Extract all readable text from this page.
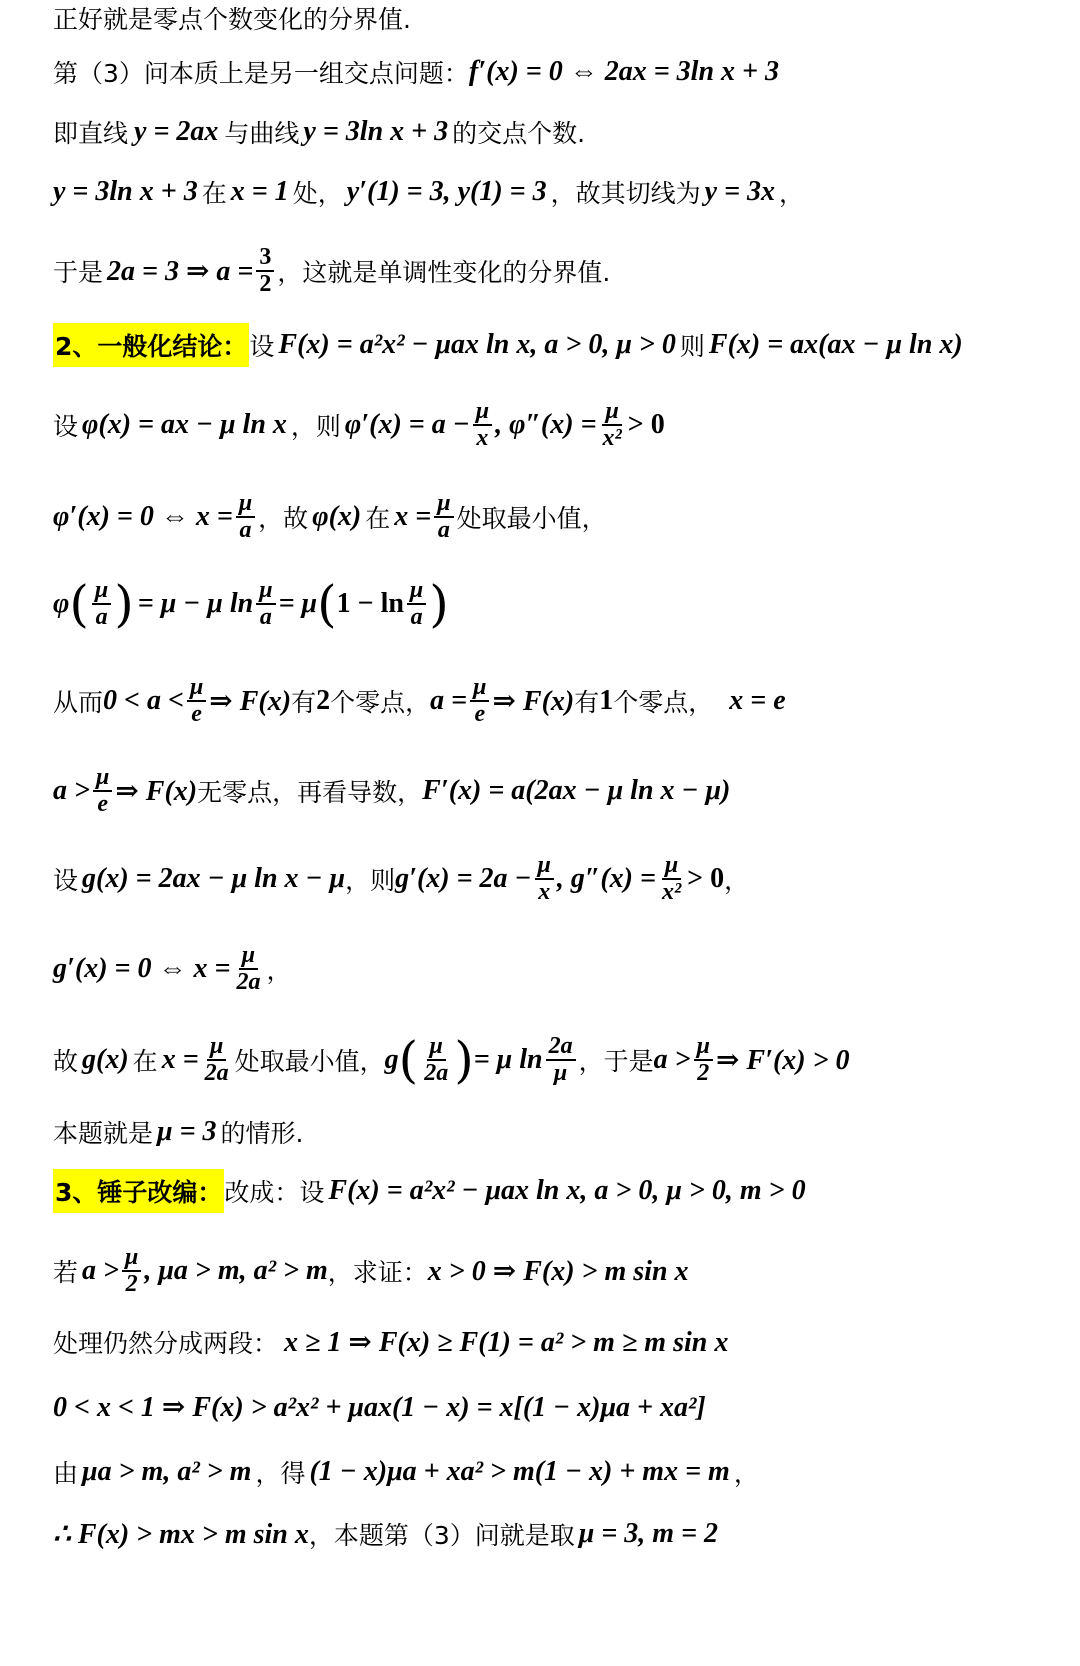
正好就是零点个数变化的分界值.
第（3）问本质上是另一组交点问题： f′(x) = 0 ⇔ 2ax = 3ln x + 3
即直线 y = 2ax 与曲线 y = 3ln x + 3 的交点个数.
y = 3ln x + 3 在 x = 1 处， y′(1) = 3, y(1) = 3 ，故其切线为 y = 3x ，
于是 2a = 3 ⇒ $a = \frac{3}{2}$ ，这就是单调性变化的分界值.
2、一般化结论： 设 F(x) = a²x² − μax ln x, a > 0, μ > 0 则 F(x) = ax(ax − μ ln x)
设 φ(x) = ax − μ ln x ，则 $\varphi'(x) = a - \frac{\mu}{x}$ , $\varphi''(x) = \frac{\mu}{\text{x²}} > 0$
φ′(x) = 0 ⇔ $x = \frac{\mu}{a}$ ，故 φ(x) 在 $x = \frac{\mu}{a}$ 处取最小值，
φ ( $\frac{\mu}{a}$ ) = μ − μ $\ln \frac{\mu}{a} = \mu$ ( $1 - \ln \frac{\mu}{a}$ )
从而 $0 < a < \frac{\mu}{e}$ ⇒ F(x) 有 2 个零点， $a = \frac{\mu}{e}$ ⇒ F(x) 有 1 个零点， x = e
$a > \frac{\mu}{e}$ ⇒ F(x) 无零点，再看导数， F′(x) = a(2ax − μ ln x − μ)
设 g(x) = 2ax − μ ln x − μ ，则 $g'(x) = 2a - \frac{\mu}{x}$ , $g''(x) = \frac{\mu}{\text{x²}} > 0$ ，
g′(x) = 0 ⇔ $x = \frac{\mu}{2a}$ ，
故 g(x) 在 $x = \frac{\mu}{2a}$ 处取最小值， g ( $\frac{\mu}{2a}$ ) = μ $\ln \frac{2a}{\mu}$ ，于是 $a > \frac{\mu}{2}$ ⇒ F′(x) > 0
本题就是 μ = 3 的情形.
3、锤子改编： 改成：设 F(x) = a²x² − μax ln x, a > 0, μ > 0, m > 0
若 $a > \frac{\mu}{2}$ , μa > m, a² > m ，求证： x > 0 ⇒ F(x) > m sin x
处理仍然分成两段： x ≥ 1 ⇒ F(x) ≥ F(1) = a² > m ≥ m sin x
0 < x < 1 ⇒ F(x) > a²x² + μax(1 − x) = x[(1 − x)μa + xa²]
由 μa > m, a² > m ，得 (1 − x)μa + xa² > m(1 − x) + mx = m ，
∴ F(x) > mx > m sin x ，本题第（3）问就是取 μ = 3, m = 2
